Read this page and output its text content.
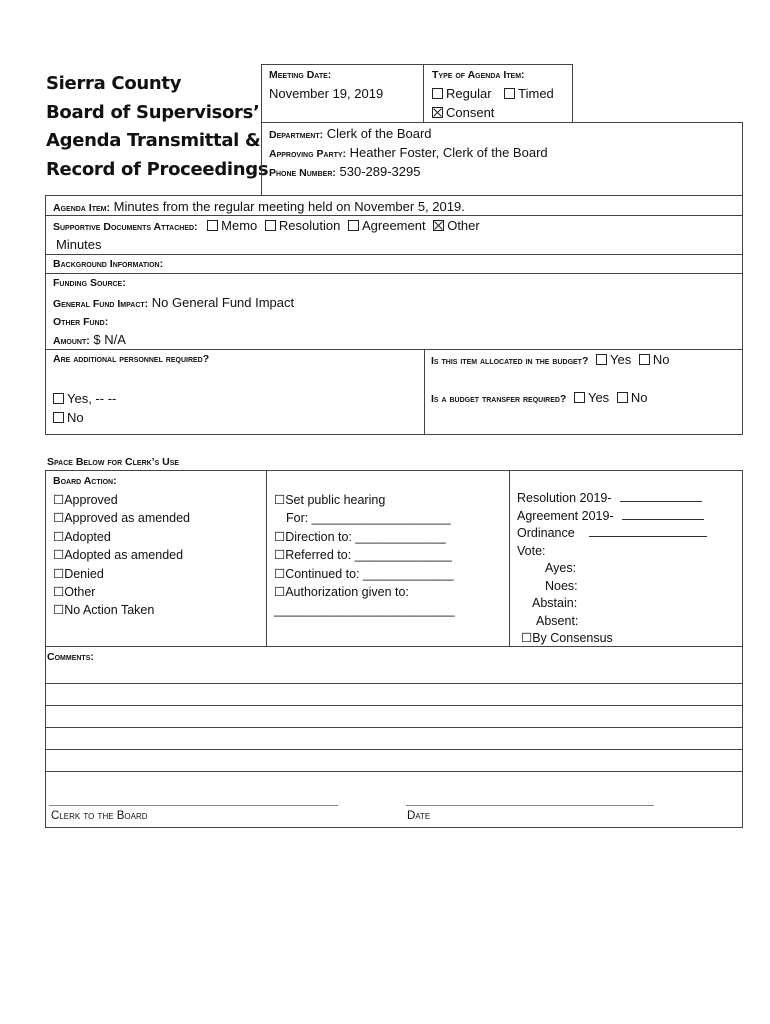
Sierra County
Board of Supervisors’
Agenda Transmittal &
Record of Proceedings
Meeting Date:
November 19, 2019
Type of Agenda Item:
Regular Timed
Consent
Department: Clerk of the Board
Approving Party: Heather Foster, Clerk of the Board
Phone Number: 530-289-3295
Agenda Item: Minutes from the regular meeting held on November 5, 2019.
Supportive Documents Attached: Memo Resolution Agreement Other
Minutes
Background Information:
Funding Source:
General Fund Impact: No General Fund Impact
Other Fund:
Amount: $ N/A
Are additional personnel required?
Yes, -- --
No
Is this item allocated in the budget? Yes No
Is a budget transfer required? Yes No
Space Below for Clerk’s Use
Board Action:
☐Approved
☐Approved as amended
☐Adopted
☐Adopted as amended
☐Denied
☐Other
☐No Action Taken
☐Set public hearing
For: ____________________
☐Direction to: _____________
☐Referred to: ______________
☐Continued to: _____________
☐Authorization given to:
__________________________
Resolution 2019-
Agreement 2019-
Ordinance
Vote:
Ayes:
Noes:
Abstain:
Absent:
☐By Consensus
Comments:
Clerk to the Board	Date
